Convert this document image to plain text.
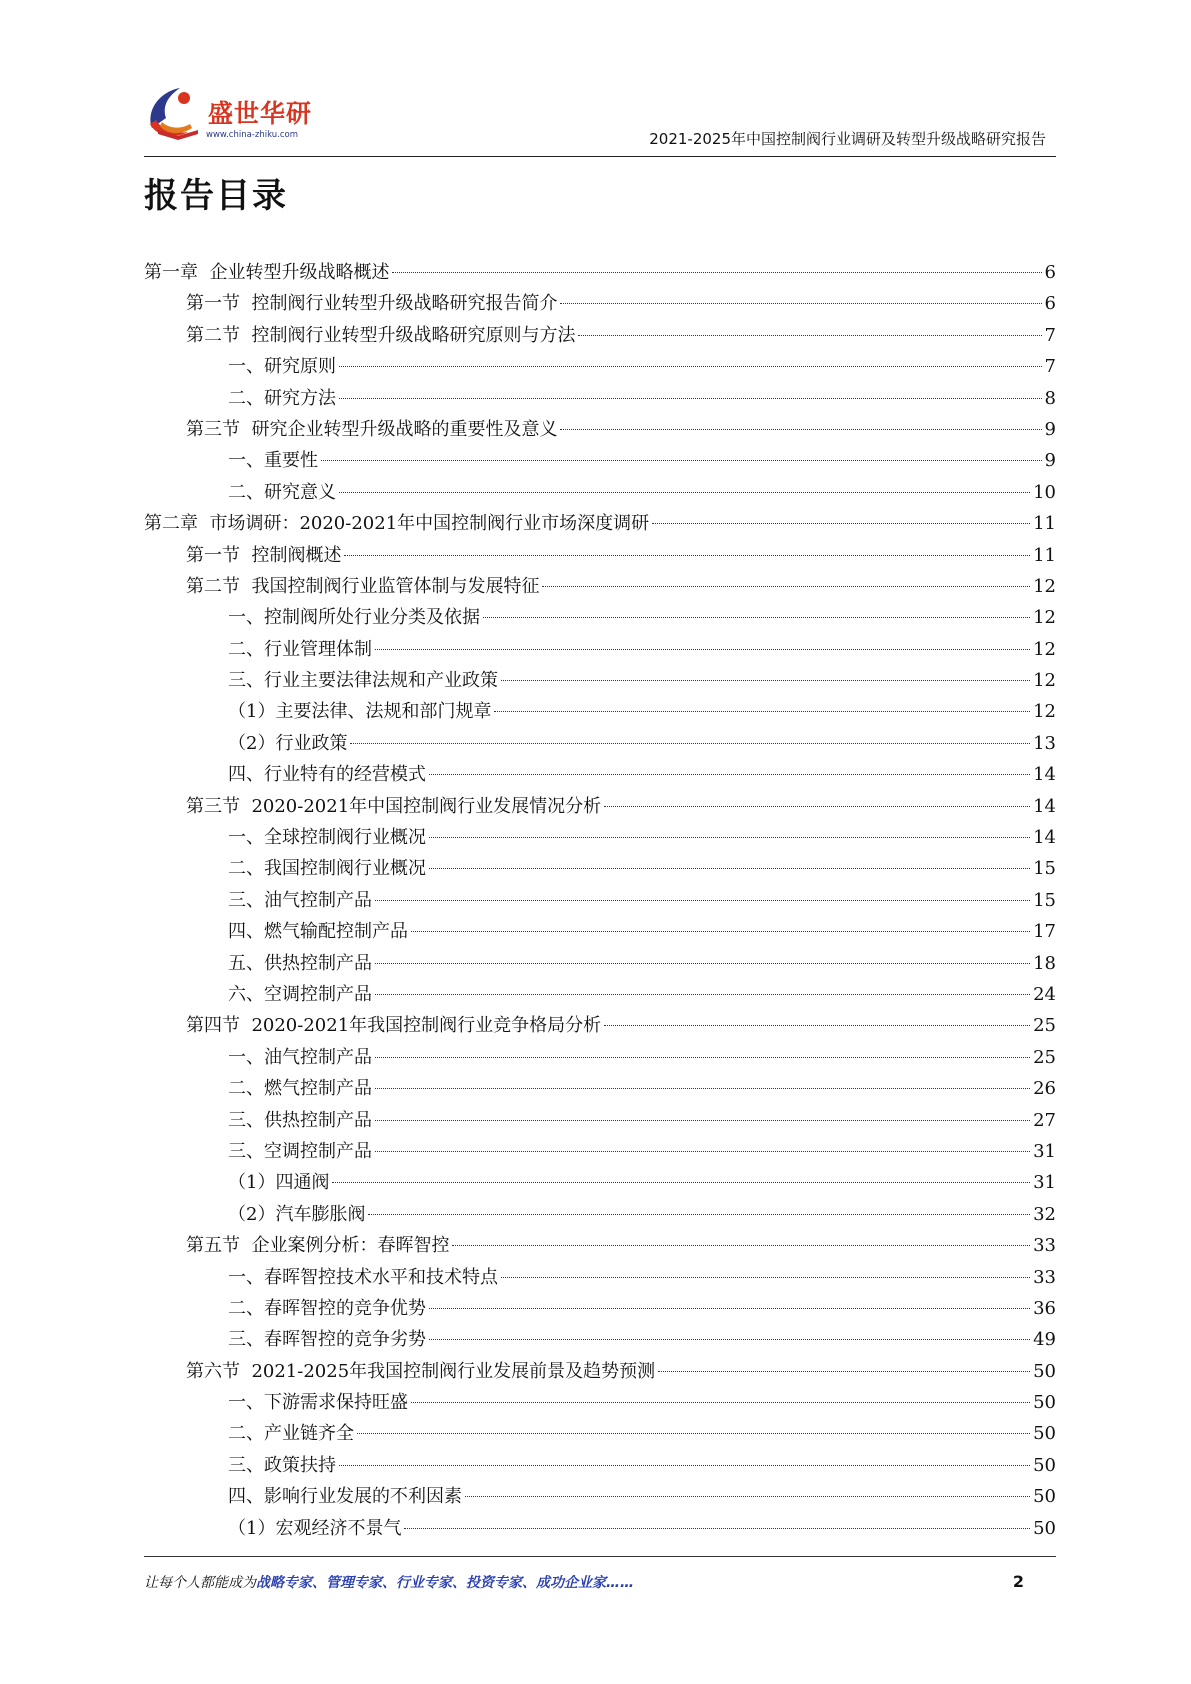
盛世华研
www.china-zhiku.com	2021-2025年中国控制阀行业调研及转型升级战略研究报告
报告目录
第一章  企业转型升级战略概述	6
第一节  控制阀行业转型升级战略研究报告简介	6
第二节  控制阀行业转型升级战略研究原则与方法	7
一、研究原则	7
二、研究方法	8
第三节  研究企业转型升级战略的重要性及意义	9
一、重要性	9
二、研究意义	10
第二章  市场调研：2020-2021年中国控制阀行业市场深度调研	11
第一节  控制阀概述	11
第二节  我国控制阀行业监管体制与发展特征	12
一、控制阀所处行业分类及依据	12
二、行业管理体制	12
三、行业主要法律法规和产业政策	12
（1）主要法律、法规和部门规章	12
（2）行业政策	13
四、行业特有的经营模式	14
第三节  2020-2021年中国控制阀行业发展情况分析	14
一、全球控制阀行业概况	14
二、我国控制阀行业概况	15
三、油气控制产品	15
四、燃气输配控制产品	17
五、供热控制产品	18
六、空调控制产品	24
第四节  2020-2021年我国控制阀行业竞争格局分析	25
一、油气控制产品	25
二、燃气控制产品	26
三、供热控制产品	27
三、空调控制产品	31
（1）四通阀	31
（2）汽车膨胀阀	32
第五节  企业案例分析：春晖智控	33
一、春晖智控技术水平和技术特点	33
二、春晖智控的竞争优势	36
三、春晖智控的竞争劣势	49
第六节  2021-2025年我国控制阀行业发展前景及趋势预测	50
一、下游需求保持旺盛	50
二、产业链齐全	50
三、政策扶持	50
四、影响行业发展的不利因素	50
（1）宏观经济不景气	50
让每个人都能成为战略专家、管理专家、行业专家、投资专家、成功企业家……	2
